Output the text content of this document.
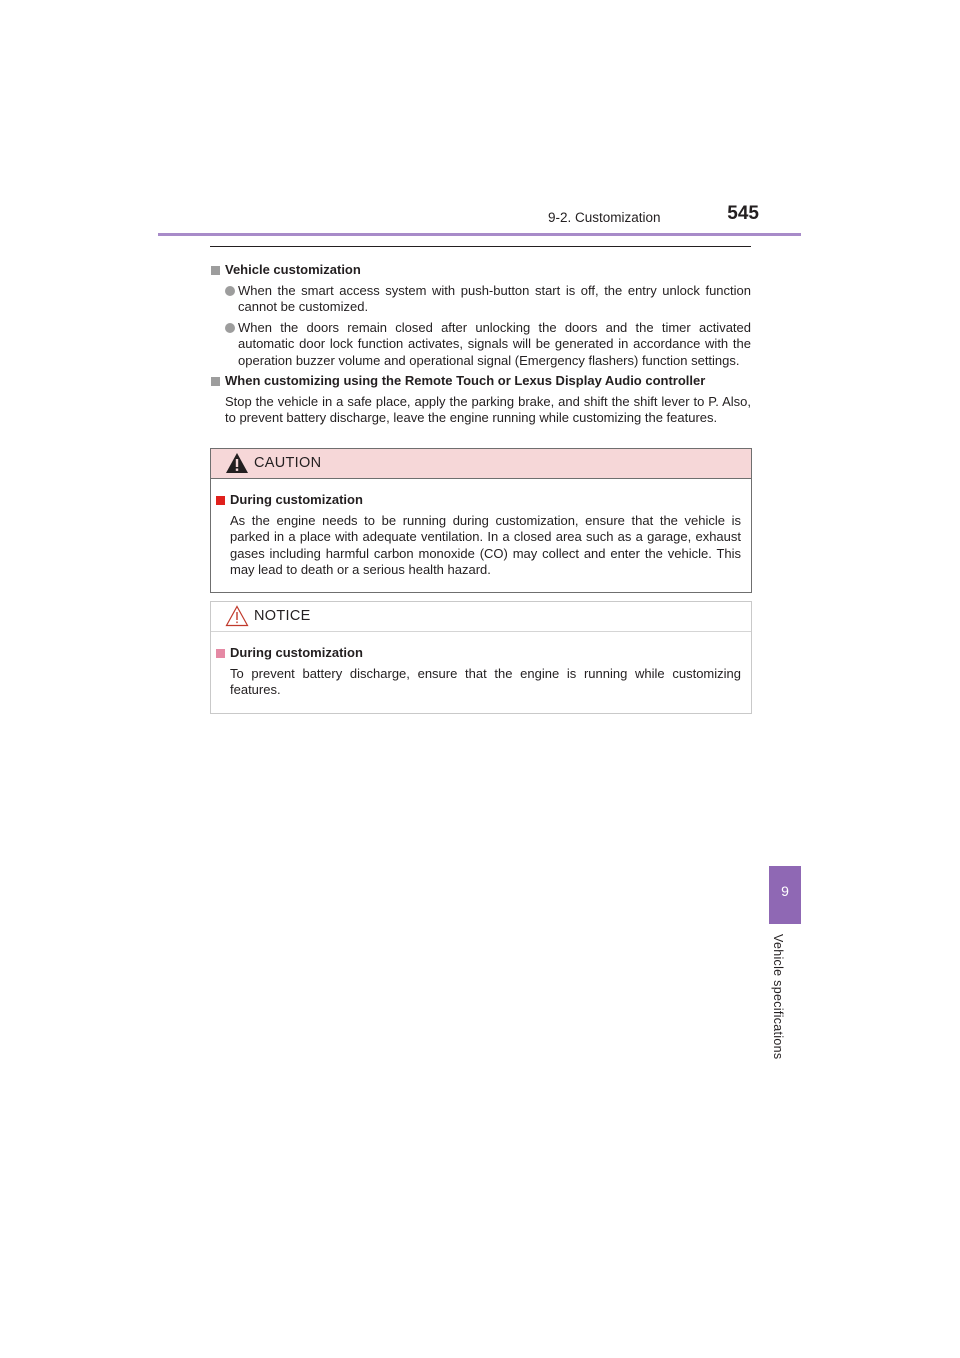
9-2. Customization	545
Vehicle customization
When the smart access system with push-button start is off, the entry unlock function cannot be customized.
When the doors remain closed after unlocking the doors and the timer activated automatic door lock function activates, signals will be generated in accordance with the operation buzzer volume and operational signal (Emergency flashers) function settings.
When customizing using the Remote Touch or Lexus Display Audio controller
Stop the vehicle in a safe place, apply the parking brake, and shift the shift lever to P. Also, to prevent battery discharge, leave the engine running while customizing the features.
CAUTION
During customization
As the engine needs to be running during customization, ensure that the vehicle is parked in a place with adequate ventilation. In a closed area such as a garage, exhaust gases including harmful carbon monoxide (CO) may collect and enter the vehicle. This may lead to death or a serious health hazard.
NOTICE
During customization
To prevent battery discharge, ensure that the engine is running while customizing features.
9
Vehicle specifications
